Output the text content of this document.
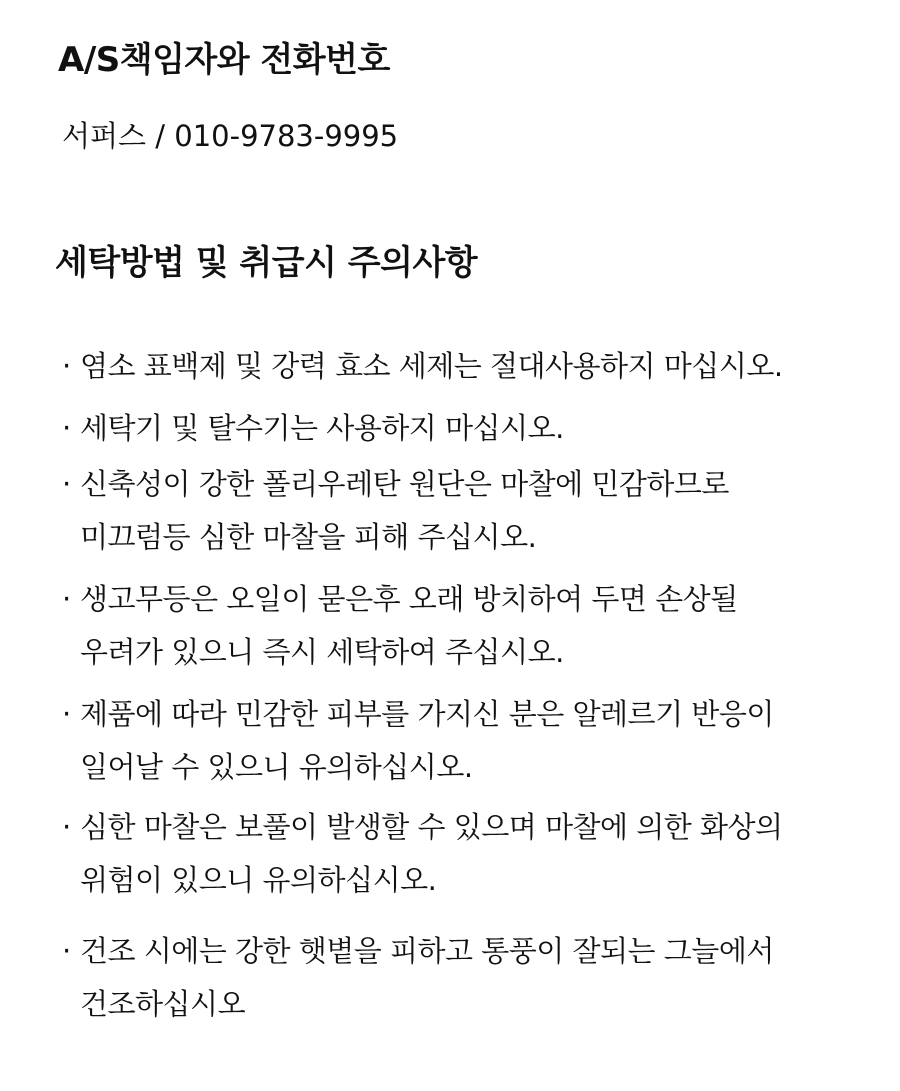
A/S책임자와 전화번호
서퍼스 / 010-9783-9995
세탁방법 및 취급시 주의사항
· 염소 표백제 및 강력 효소 세제는 절대사용하지 마십시오.
· 세탁기 및 탈수기는 사용하지 마십시오.
· 신축성이 강한 폴리우레탄 원단은 마찰에 민감하므로
미끄럼등 심한 마찰을 피해 주십시오.
· 생고무등은 오일이 묻은후 오래 방치하여 두면 손상될
우려가 있으니 즉시 세탁하여 주십시오.
· 제품에 따라 민감한 피부를 가지신 분은 알레르기 반응이
일어날 수 있으니 유의하십시오.
· 심한 마찰은 보풀이 발생할 수 있으며 마찰에 의한 화상의
위험이 있으니 유의하십시오.
· 건조 시에는 강한 햇볕을 피하고 통풍이 잘되는 그늘에서
건조하십시오
